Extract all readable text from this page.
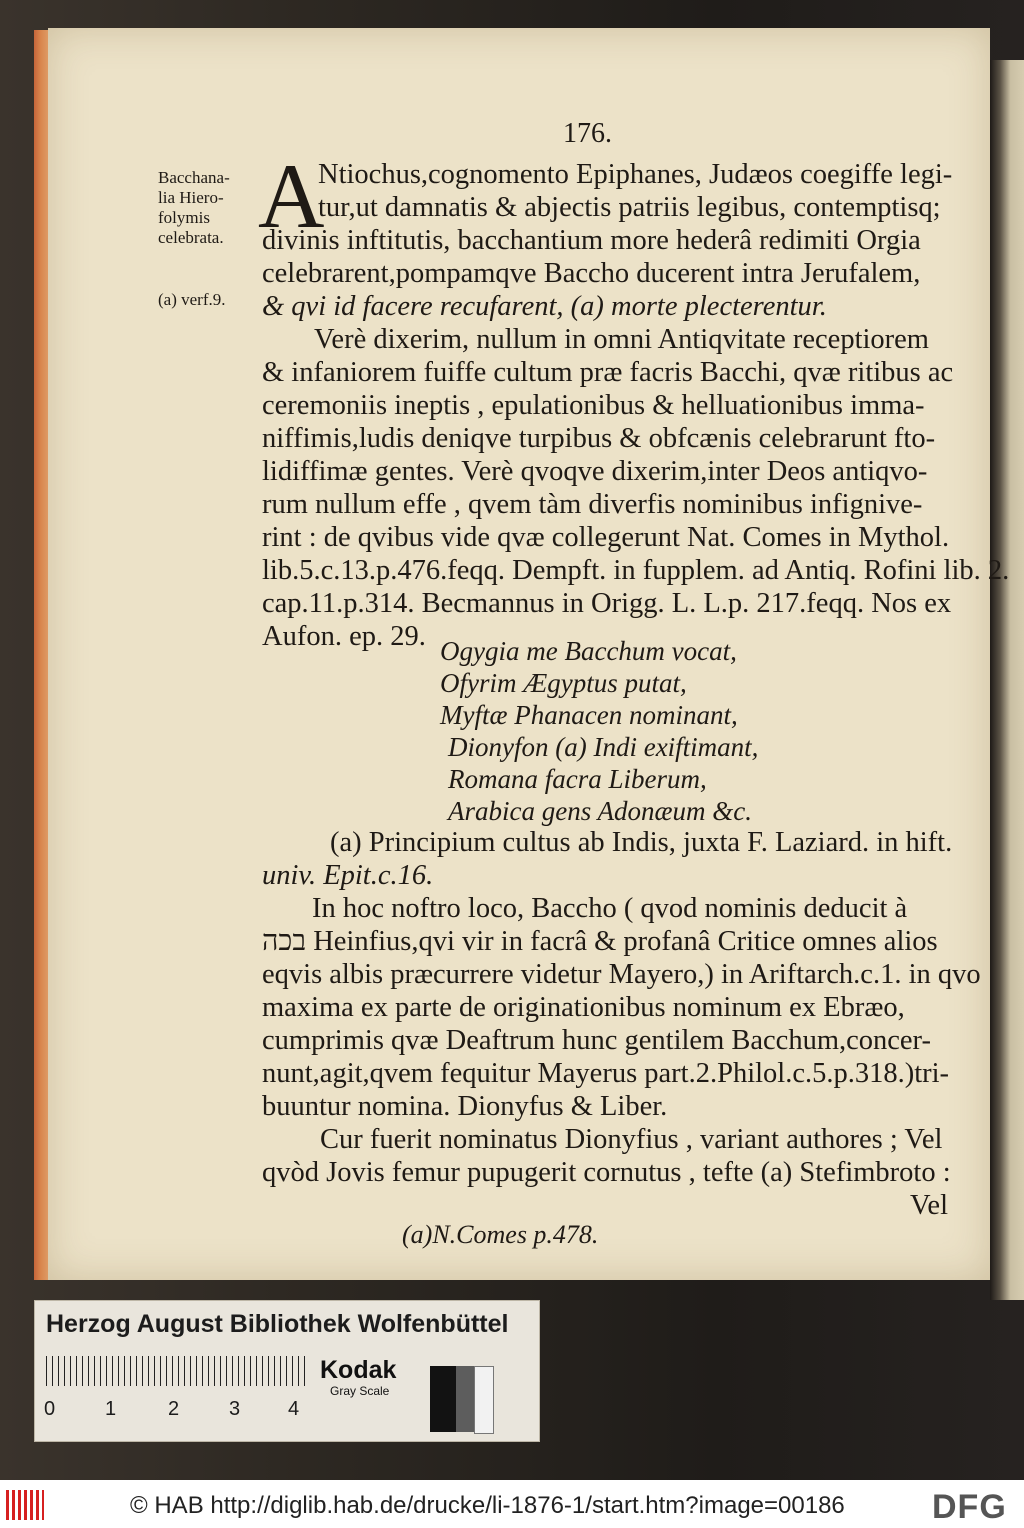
176.
Bacchana-
lia Hiero-
folymis
celebrata.
(a) verf.9.
A
Ntiochus,cognomento Epiphanes, Judæos coegiffe legi-
tur,ut damnatis & abjectis patriis legibus, contemptisq;
divinis inftitutis, bacchantium more hederâ redimiti Orgia
celebrarent,pompamqve Baccho ducerent intra Jerufalem,
& qvi id facere recufarent, (a) morte plecterentur.
Verè dixerim, nullum in omni Antiqvitate receptiorem
& infaniorem fuiffe cultum præ facris Bacchi, qvæ ritibus ac
ceremoniis ineptis , epulationibus & helluationibus imma-
niffimis,ludis deniqve turpibus & obfcænis celebrarunt fto-
lidiffimæ gentes. Verè qvoqve dixerim,inter Deos antiqvo-
rum nullum effe , qvem tàm diverfis nominibus infignive-
rint : de qvibus vide qvæ collegerunt Nat. Comes in Mythol.
lib.5.c.13.p.476.feqq. Dempft. in fupplem. ad Antiq. Rofini lib. 2.
cap.11.p.314. Becmannus in Origg. L. L.p. 217.feqq. Nos ex
Aufon. ep. 29. Ogygia me Bacchum vocat,
Ofyrim Ægyptus putat,
Myftæ Phanacen nominant,
Dionyfon (a) Indi exiftimant,
Romana facra Liberum,
Arabica gens Adonæum &c.
(a) Principium cultus ab Indis, juxta F. Laziard. in hift.
univ. Epit.c.16.
In hoc noftro loco, Baccho ( qvod nominis deducit à
בכה Heinfius,qvi vir in facrâ & profanâ Critice omnes alios
eqvis albis præcurrere videtur Mayero,) in Ariftarch.c.1. in qvo
maxima ex parte de originationibus nominum ex Ebræo,
cumprimis qvæ Deaftrum hunc gentilem Bacchum,concer-
nunt,agit,qvem fequitur Mayerus part.2.Philol.c.5.p.318.)tri-
buuntur nomina. Dionyfus & Liber.
Cur fuerit nominatus Dionyfius , variant authores ; Vel
qvòd Jovis femur pupugerit cornutus , tefte (a) Stefimbroto :
Vel
(a)N.Comes p.478.
Herzog August Bibliothek Wolfenbüttel
0 1	2 3 4
Kodak
Gray Scale
© HAB http://diglib.hab.de/drucke/li-1876-1/start.htm?image=00186	DFG
